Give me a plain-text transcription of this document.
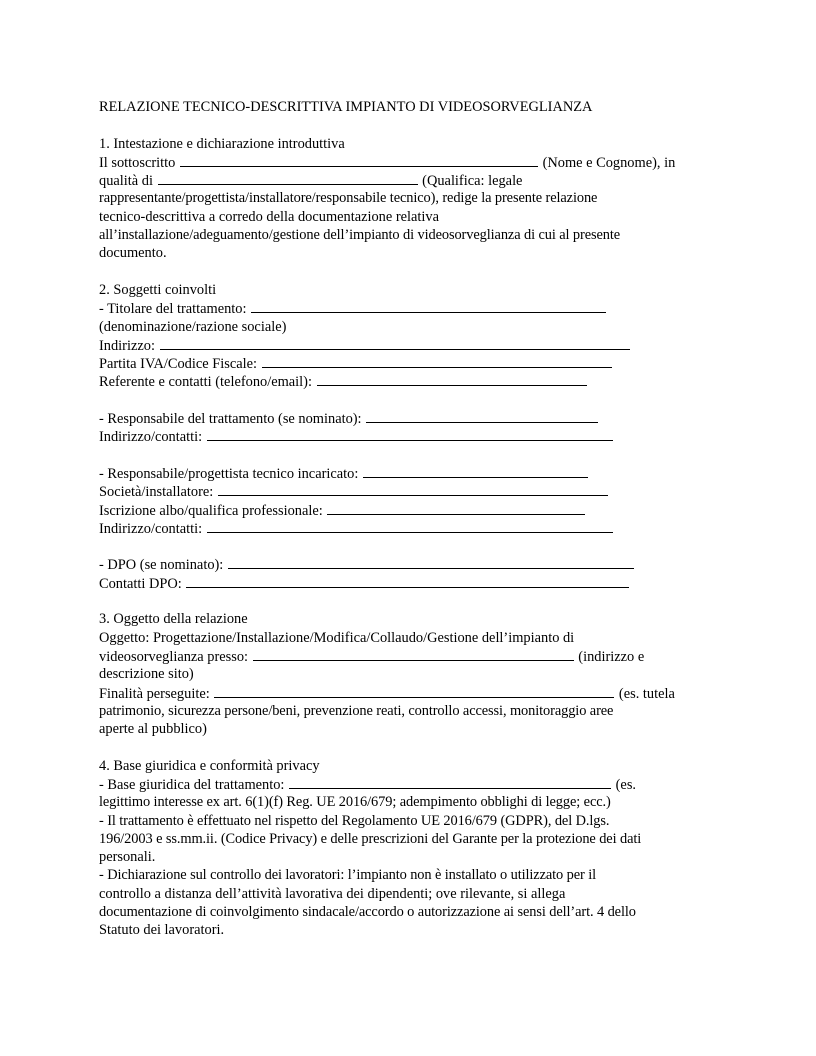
RELAZIONE TECNICO-DESCRITTIVA IMPIANTO DI VIDEOSORVEGLIANZA
1. Intestazione e dichiarazione introduttiva
Il sottoscritto	(Nome e Cognome), in
qualità di	(Qualifica: legale
rappresentante/progettista/installatore/responsabile tecnico), redige la presente relazione
tecnico-descrittiva a corredo della documentazione relativa
all’installazione/adeguamento/gestione dell’impianto di videosorveglianza di cui al presente
documento.
2. Soggetti coinvolti
- Titolare del trattamento:
(denominazione/razione sociale)
Indirizzo:
Partita IVA/Codice Fiscale:
Referente e contatti (telefono/email):
- Responsabile del trattamento (se nominato):
Indirizzo/contatti:
- Responsabile/progettista tecnico incaricato:
Società/installatore:
Iscrizione albo/qualifica professionale:
Indirizzo/contatti:
- DPO (se nominato):
Contatti DPO:
3. Oggetto della relazione
Oggetto: Progettazione/Installazione/Modifica/Collaudo/Gestione dell’impianto di
videosorveglianza presso:	(indirizzo e
descrizione sito)
Finalità perseguite:	(es. tutela
patrimonio, sicurezza persone/beni, prevenzione reati, controllo accessi, monitoraggio aree
aperte al pubblico)
4. Base giuridica e conformità privacy
- Base giuridica del trattamento:	(es.
legittimo interesse ex art. 6(1)(f) Reg. UE 2016/679; adempimento obblighi di legge; ecc.)
- Il trattamento è effettuato nel rispetto del Regolamento UE 2016/679 (GDPR), del D.lgs.
196/2003 e ss.mm.ii. (Codice Privacy) e delle prescrizioni del Garante per la protezione dei dati
personali.
- Dichiarazione sul controllo dei lavoratori: l’impianto non è installato o utilizzato per il
controllo a distanza dell’attività lavorativa dei dipendenti; ove rilevante, si allega
documentazione di coinvolgimento sindacale/accordo o autorizzazione ai sensi dell’art. 4 dello
Statuto dei lavoratori.
